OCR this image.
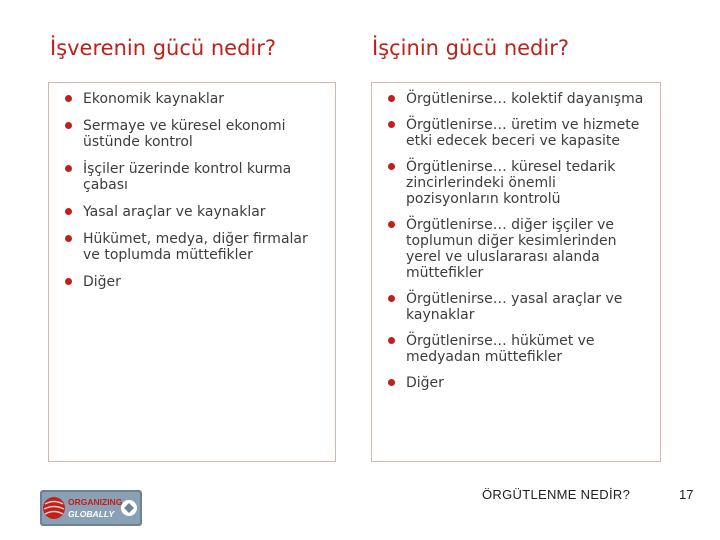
İşverenin gücü nedir?	İşçinin gücü nedir?
Ekonomik kaynaklar
Sermaye ve küresel ekonomi üstünde kontrol
İşçiler üzerinde kontrol kurma çabası
Yasal araçlar ve kaynaklar
Hükümet, medya, diğer firmalar ve toplumda müttefikler
Diğer
Örgütlenirse… kolektif dayanışma
Örgütlenirse… üretim ve hizmete etki edecek beceri ve kapasite
Örgütlenirse… küresel tedarik zincirlerindeki önemli pozisyonların kontrolü
Örgütlenirse… diğer işçiler ve toplumun diğer kesimlerinden yerel ve uluslararası alanda müttefikler
Örgütlenirse… yasal araçlar ve kaynaklar
Örgütlenirse… hükümet ve medyadan müttefikler
Diğer
ORGANIZING
GLOBALLY
ÖRGÜTLENME NEDİR?	17
